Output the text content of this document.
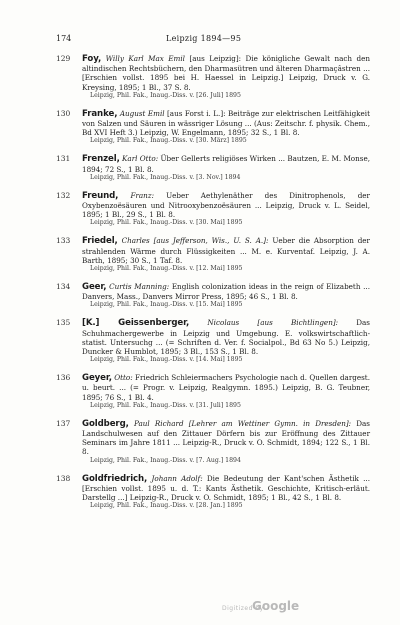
174	Leipzig 1894—95
129	Foy, Willy Karl Max Emil [aus Leipzig]: Die königliche Gewalt nach den altindischen Rechtsbüchern, den Dharmasütren und älteren Dharmaçâstren ... [Erschien vollst. 1895 bei H. Haessel in Leipzig.] Leipzig, Druck v. G. Kreysing, 1895; 1 Bl., 37 S. 8.
Leipzig, Phil. Fak., Inaug.-Diss. v. [26. Juli] 1895
130	Franke, August Emil [aus Forst i. L.]: Beiträge zur elektrischen Leitfähigkeit von Salzen und Säuren in wässriger Lösung ... (Aus: Zeitschr. f. physik. Chem., Bd XVI Heft 3.) Leipzig, W. Engelmann, 1895; 32 S., 1 Bl. 8.
Leipzig, Phil. Fak., Inaug.-Diss. v. [30. März] 1895
131	Frenzel, Karl Otto: Über Gellerts religiöses Wirken ... Bautzen, E. M. Monse, 1894; 72 S., 1 Bl. 8.
Leipzig, Phil. Fak., Inaug.-Diss. v. [3. Nov.] 1894
132	Freund, Franz: Ueber Aethylenäther des Dinitrophenols, der Oxybenzoësäuren und Nitrooxybenzoësäuren ... Leipzig, Druck v. L. Seidel, 1895; 1 Bl., 29 S., 1 Bl. 8.
Leipzig, Phil. Fak., Inaug.-Diss. v. [30. Mai] 1895
133	Friedel, Charles [aus Jefferson, Wis., U. S. A.]: Ueber die Absorption der strahlenden Wärme durch Flüssigkeiten ... M. e. Kurventaf. Leipzig, J. A. Barth, 1895; 30 S., 1 Taf. 8.
Leipzig, Phil. Fak., Inaug.-Diss. v. [12. Mai] 1895
134	Geer, Curtis Manning: English colonization ideas in the reign of Elizabeth ... Danvers, Mass., Danvers Mirror Press, 1895; 46 S., 1 Bl. 8.
Leipzig, Phil. Fak., Inaug.-Diss. v. [15. Mai] 1895
135	[K.] Geissenberger,	Nicolaus [aus Bichtlingen]:	Das Schuhmachergewerbe in Leipzig und Umgebung. E. volkswirtschaftlich-statist. Untersuchg ... (= Schriften d. Ver. f. Socialpol., Bd 63 No 5.) Leipzig, Duncker & Humblot, 1895; 3 Bl., 153 S., 1 Bl. 8.
Leipzig, Phil. Fak., Inaug.-Diss. v. [14. Mai] 1895
136	Geyer, Otto: Friedrich Schleiermachers Psychologie nach d. Quellen dargest. u. beurt. ... (= Progr. v. Leipzig, Realgymn. 1895.) Leipzig, B. G. Teubner, 1895; 76 S., 1 Bl. 4.
Leipzig, Phil. Fak., Inaug.-Diss. v. [31. Juli] 1895
137	Goldberg, Paul Richard [Lehrer am Wettiner Gymn. in Dresden]: Das Landschulwesen auf den Zittauer Dörfern bis zur Eröffnung des Zittauer Seminars im Jahre 1811 ... Leipzig-R., Druck v. O. Schmidt, 1894; 122 S., 1 Bl. 8.
Leipzig, Phil. Fak., Inaug.-Diss. v. [7. Aug.] 1894
138	Goldfriedrich, Johann Adolf: Die Bedeutung der Kant'schen Ästhetik ... [Erschien vollst. 1895 u. d. T.: Kants Ästhetik. Geschichte, Kritisch-erläut. Darstellg ...] Leipzig-R., Druck v. O. Schmidt, 1895; 1 Bl., 42 S., 1 Bl. 8.
Leipzig, Phil. Fak., Inaug.-Diss. v. [28. Jan.] 1895
Digitized by
Google
